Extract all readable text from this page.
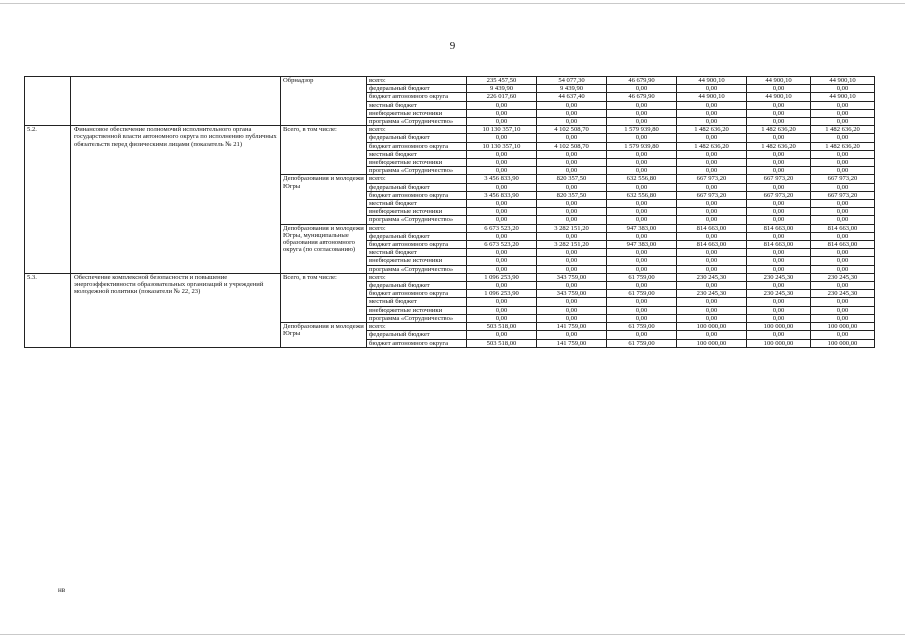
9
		Обрнадзор	всего:	235 457,50	54 077,30	46 679,90	44 900,10	44 900,10	44 900,10
			федеральный бюджет	9 439,90	9 439,90	0,00	0,00	0,00	0,00
			бюджет автономного округа	226 017,60	44 637,40	46 679,90	44 900,10	44 900,10	44 900,10
			местный бюджет	0,00	0,00	0,00	0,00	0,00	0,00
			внебюджетные источники	0,00	0,00	0,00	0,00	0,00	0,00
			программа «Сотрудничество»	0,00	0,00	0,00	0,00	0,00	0,00
5.2.	Финансовое обеспечение полномочий исполнительного органа государственной власти автономного округа по исполнению публичных обязательств перед физическими лицами (показатель № 21)	Всего, в том числе:	всего:	10 130 357,10	4 102 508,70	1 579 939,80	1 482 636,20	1 482 636,20	1 482 636,20
			федеральный бюджет	0,00	0,00	0,00	0,00	0,00	0,00
			бюджет автономного округа	10 130 357,10	4 102 508,70	1 579 939,80	1 482 636,20	1 482 636,20	1 482 636,20
			местный бюджет	0,00	0,00	0,00	0,00	0,00	0,00
			внебюджетные источники	0,00	0,00	0,00	0,00	0,00	0,00
			программа «Сотрудничество»	0,00	0,00	0,00	0,00	0,00	0,00
		Депобразования и молодежи Югры	всего:	3 456 833,90	820 357,50	632 556,80	667 973,20	667 973,20	667 973,20
			федеральный бюджет	0,00	0,00	0,00	0,00	0,00	0,00
			бюджет автономного округа	3 456 833,90	820 357,50	632 556,80	667 973,20	667 973,20	667 973,20
			местный бюджет	0,00	0,00	0,00	0,00	0,00	0,00
			внебюджетные источники	0,00	0,00	0,00	0,00	0,00	0,00
			программа «Сотрудничество»	0,00	0,00	0,00	0,00	0,00	0,00
		Депобразования и молодежи Югры, муниципальные образования автономного округа (по согласованию)	всего:	6 673 523,20	3 282 151,20	947 383,00	814 663,00	814 663,00	814 663,00
			федеральный бюджет	0,00	0,00	0,00	0,00	0,00	0,00
			бюджет автономного округа	6 673 523,20	3 282 151,20	947 383,00	814 663,00	814 663,00	814 663,00
			местный бюджет	0,00	0,00	0,00	0,00	0,00	0,00
			внебюджетные источники	0,00	0,00	0,00	0,00	0,00	0,00
			программа «Сотрудничество»	0,00	0,00	0,00	0,00	0,00	0,00
5.3.	Обеспечение комплексной безопасности и повышение энергоэффективности образовательных организаций и учреждений молодежной политики (показатели № 22, 23)	Всего, в том числе:	всего:	1 096 253,90	343 759,00	61 759,00	230 245,30	230 245,30	230 245,30
			федеральный бюджет	0,00	0,00	0,00	0,00	0,00	0,00
			бюджет автономного округа	1 096 253,90	343 759,00	61 759,00	230 245,30	230 245,30	230 245,30
			местный бюджет	0,00	0,00	0,00	0,00	0,00	0,00
			внебюджетные источники	0,00	0,00	0,00	0,00	0,00	0,00
			программа «Сотрудничество»	0,00	0,00	0,00	0,00	0,00	0,00
		Депобразования и молодежи Югры	всего:	503 518,00	141 759,00	61 759,00	100 000,00	100 000,00	100 000,00
			федеральный бюджет	0,00	0,00	0,00	0,00	0,00	0,00
			бюджет автономного округа	503 518,00	141 759,00	61 759,00	100 000,00	100 000,00	100 000,00
нв
